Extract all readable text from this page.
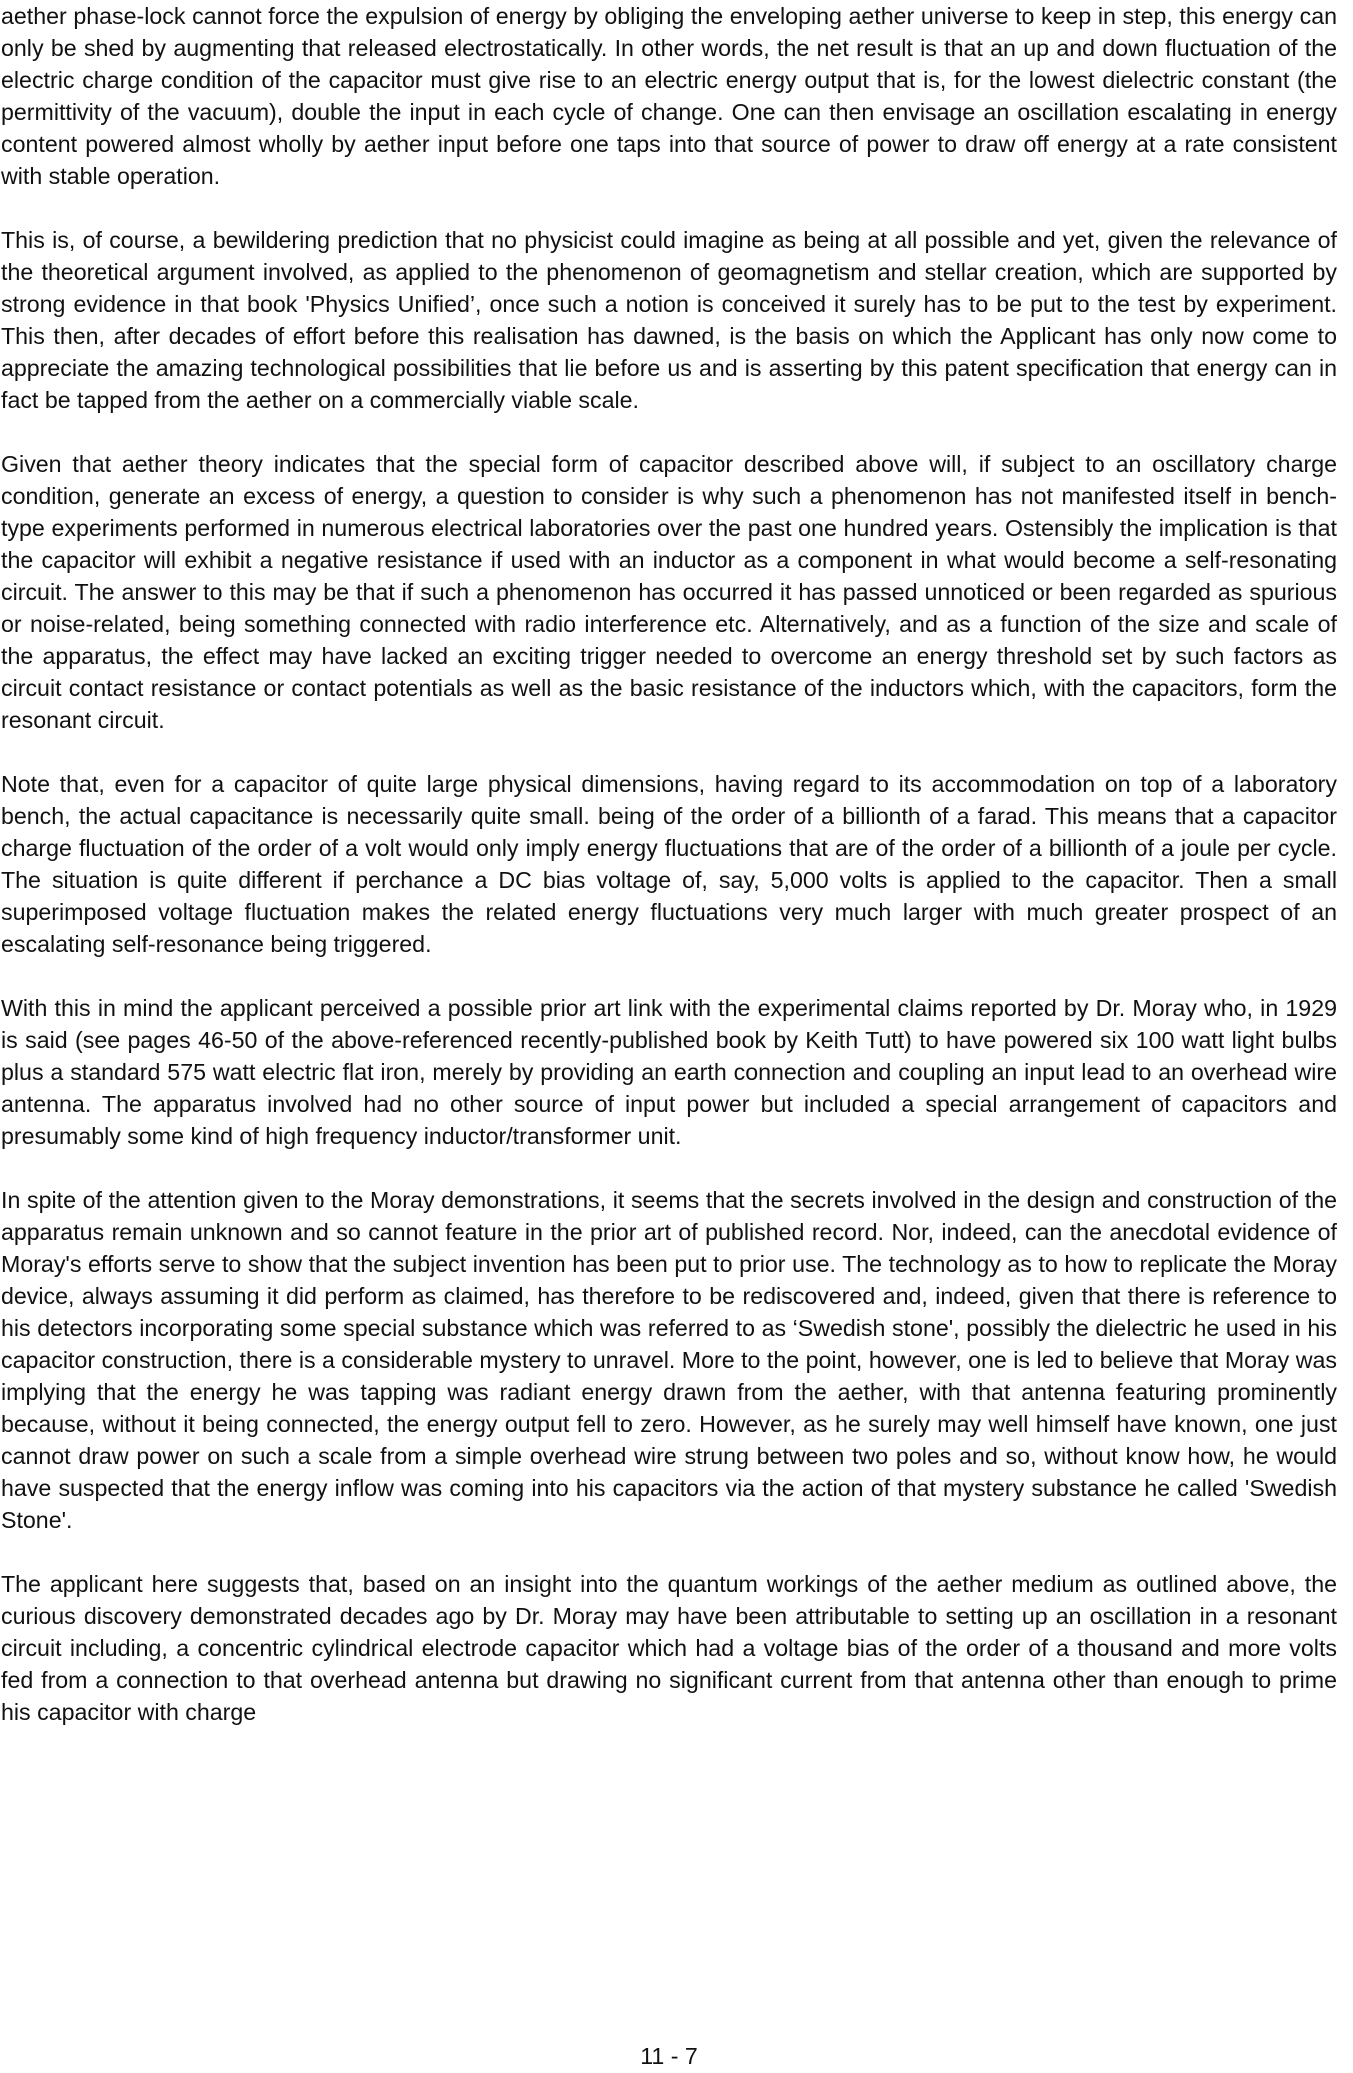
aether phase-lock cannot force the expulsion of energy by obliging the enveloping aether universe to keep in step, this energy can only be shed by augmenting that released electrostatically. In other words, the net result is that an up and down fluctuation of the electric charge condition of the capacitor must give rise to an electric energy output that is, for the lowest dielectric constant (the permittivity of the vacuum), double the input in each cycle of change. One can then envisage an oscillation escalating in energy content powered almost wholly by aether input before one taps into that source of power to draw off energy at a rate consistent with stable operation.

This is, of course, a bewildering prediction that no physicist could imagine as being at all possible and yet, given the relevance of the theoretical argument involved, as applied to the phenomenon of geomagnetism and stellar creation, which are supported by strong evidence in that book 'Physics Unified’, once such a notion is conceived it surely has to be put to the test by experiment. This then, after decades of effort before this realisation has dawned, is the basis on which the Applicant has only now come to appreciate the amazing technological possibilities that lie before us and is asserting by this patent specification that energy can in fact be tapped from the aether on a commercially viable scale.

Given that aether theory indicates that the special form of capacitor described above will, if subject to an oscillatory charge condition, generate an excess of energy, a question to consider is why such a phenomenon has not manifested itself in bench-type experiments performed in numerous electrical laboratories over the past one hundred years. Ostensibly the implication is that the capacitor will exhibit a negative resistance if used with an inductor as a component in what would become a self-resonating circuit. The answer to this may be that if such a phenomenon has occurred it has passed unnoticed or been regarded as spurious or noise-related, being something connected with radio interference etc. Alternatively, and as a function of the size and scale of the apparatus, the effect may have lacked an exciting trigger needed to overcome an energy threshold set by such factors as circuit contact resistance or contact potentials as well as the basic resistance of the inductors which, with the capacitors, form the resonant circuit.

Note that, even for a capacitor of quite large physical dimensions, having regard to its accommodation on top of a laboratory bench, the actual capacitance is necessarily quite small. being of the order of a billionth of a farad. This means that a capacitor charge fluctuation of the order of a volt would only imply energy fluctuations that are of the order of a billionth of a joule per cycle. The situation is quite different if perchance a DC bias voltage of, say, 5,000 volts is applied to the capacitor. Then a small superimposed voltage fluctuation makes the related energy fluctuations very much larger with much greater prospect of an escalating self-resonance being triggered.

With this in mind the applicant perceived a possible prior art link with the experimental claims reported by Dr. Moray who, in 1929 is said (see pages 46-50 of the above-referenced recently-published book by Keith Tutt) to have powered six 100 watt light bulbs plus a standard 575 watt electric flat iron, merely by providing an earth connection and coupling an input lead to an overhead wire antenna. The apparatus involved had no other source of input power but included a special arrangement of capacitors and presumably some kind of high frequency inductor/transformer unit.

In spite of the attention given to the Moray demonstrations, it seems that the secrets involved in the design and construction of the apparatus remain unknown and so cannot feature in the prior art of published record. Nor, indeed, can the anecdotal evidence of Moray's efforts serve to show that the subject invention has been put to prior use. The technology as to how to replicate the Moray device, always assuming it did perform as claimed, has therefore to be rediscovered and, indeed, given that there is reference to his detectors incorporating some special substance which was referred to as ‘Swedish stone', possibly the dielectric he used in his capacitor construction, there is a considerable mystery to unravel. More to the point, however, one is led to believe that Moray was implying that the energy he was tapping was radiant energy drawn from the aether, with that antenna featuring prominently because, without it being connected, the energy output fell to zero. However, as he surely may well himself have known, one just cannot draw power on such a scale from a simple overhead wire strung between two poles and so, without know how, he would have suspected that the energy inflow was coming into his capacitors via the action of that mystery substance he called 'Swedish Stone'.

The applicant here suggests that, based on an insight into the quantum workings of the aether medium as outlined above, the curious discovery demonstrated decades ago by Dr. Moray may have been attributable to setting up an oscillation in a resonant circuit including, a concentric cylindrical electrode capacitor which had a voltage bias of the order of a thousand and more volts fed from a connection to that overhead antenna but drawing no significant current from that antenna other than enough to prime his capacitor with charge

11 - 7
